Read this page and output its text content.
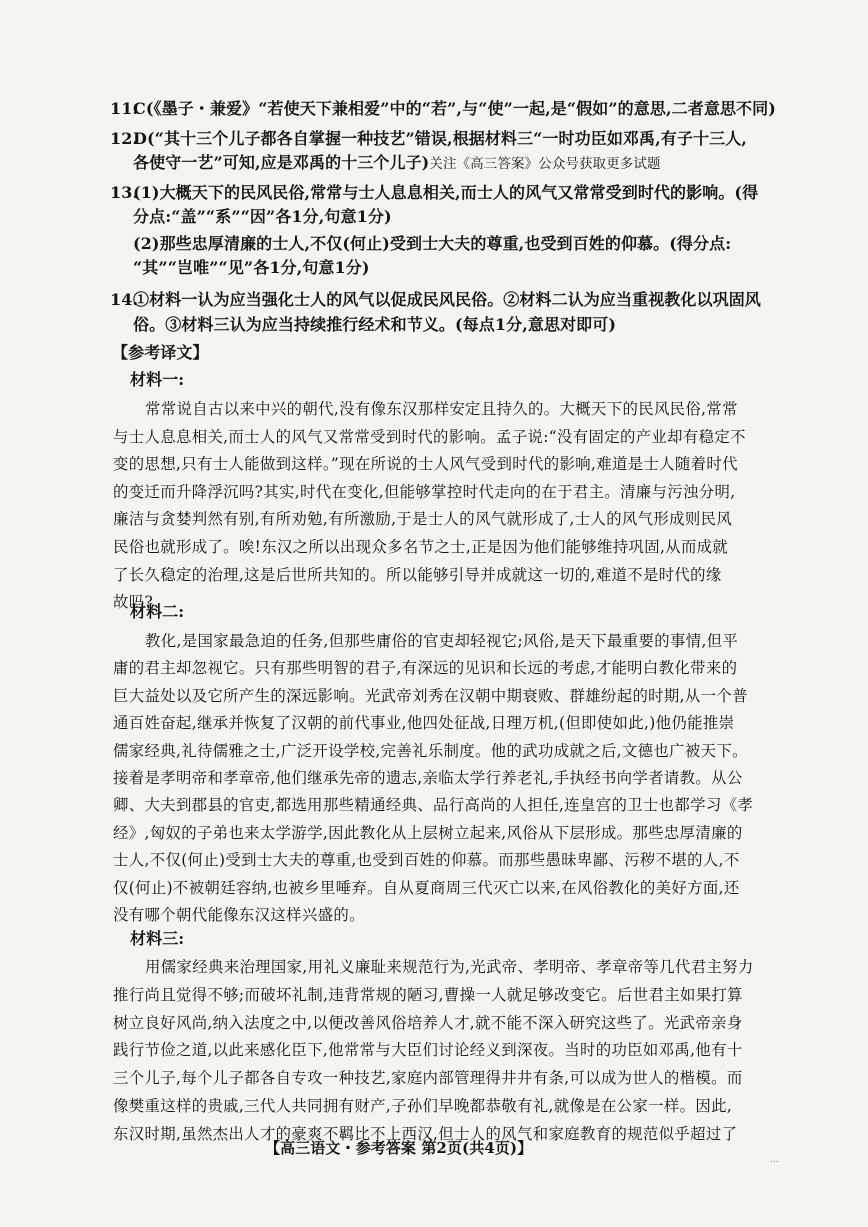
11.
C(《墨子・兼爱》“若使天下兼相爱”中的“若”,与“使”一起,是“假如”的意思,二者意思不同)
12.
D(“其十三个儿子都各自掌握一种技艺”错误,根据材料三“一时功臣如邓禹,有子十三人,
各使守一艺”可知,应是邓禹的十三个儿子)关注《高三答案》公众号获取更多试题
13.
(1)大概天下的民风民俗,常常与士人息息相关,而士人的风气又常常受到时代的影响。(得
分点:“盖”“系”“因”各1分,句意1分)
(2)那些忠厚清廉的士人,不仅(何止)受到士大夫的尊重,也受到百姓的仰慕。(得分点:
“其”“岂唯”“见”各1分,句意1分)
14.
①材料一认为应当强化士人的风气以促成民风民俗。②材料二认为应当重视教化以巩固风
俗。③材料三认为应当持续推行经术和节义。(每点1分,意思对即可)
【参考译文】
材料一:
常常说自古以来中兴的朝代,没有像东汉那样安定且持久的。大概天下的民风民俗,常常
与士人息息相关,而士人的风气又常常受到时代的影响。孟子说:“没有固定的产业却有稳定不
变的思想,只有士人能做到这样。”现在所说的士人风气受到时代的影响,难道是士人随着时代
的变迁而升降浮沉吗?其实,时代在变化,但能够掌控时代走向的在于君主。清廉与污浊分明,
廉洁与贪婪判然有别,有所劝勉,有所激励,于是士人的风气就形成了,士人的风气形成则民风
民俗也就形成了。唉!东汉之所以出现众多名节之士,正是因为他们能够维持巩固,从而成就
了长久稳定的治理,这是后世所共知的。所以能够引导并成就这一切的,难道不是时代的缘
故吗?
材料二:
教化,是国家最急迫的任务,但那些庸俗的官吏却轻视它;风俗,是天下最重要的事情,但平
庸的君主却忽视它。只有那些明智的君子,有深远的见识和长远的考虑,才能明白教化带来的
巨大益处以及它所产生的深远影响。光武帝刘秀在汉朝中期衰败、群雄纷起的时期,从一个普
通百姓奋起,继承并恢复了汉朝的前代事业,他四处征战,日理万机,(但即使如此,)他仍能推崇
儒家经典,礼待儒雅之士,广泛开设学校,完善礼乐制度。他的武功成就之后,文德也广被天下。
接着是孝明帝和孝章帝,他们继承先帝的遗志,亲临太学行养老礼,手执经书向学者请教。从公
卿、大夫到郡县的官吏,都选用那些精通经典、品行高尚的人担任,连皇宫的卫士也都学习《孝
经》,匈奴的子弟也来太学游学,因此教化从上层树立起来,风俗从下层形成。那些忠厚清廉的
士人,不仅(何止)受到士大夫的尊重,也受到百姓的仰慕。而那些愚昧卑鄙、污秽不堪的人,不
仅(何止)不被朝廷容纳,也被乡里唾弃。自从夏商周三代灭亡以来,在风俗教化的美好方面,还
没有哪个朝代能像东汉这样兴盛的。
材料三:
用儒家经典来治理国家,用礼义廉耻来规范行为,光武帝、孝明帝、孝章帝等几代君主努力
推行尚且觉得不够;而破坏礼制,违背常规的陋习,曹操一人就足够改变它。后世君主如果打算
树立良好风尚,纳入法度之中,以便改善风俗培养人才,就不能不深入研究这些了。光武帝亲身
践行节俭之道,以此来感化臣下,他常常与大臣们讨论经义到深夜。当时的功臣如邓禹,他有十
三个儿子,每个儿子都各自专攻一种技艺,家庭内部管理得井井有条,可以成为世人的楷模。而
像樊重这样的贵戚,三代人共同拥有财产,子孙们早晚都恭敬有礼,就像是在公家一样。因此,
东汉时期,虽然杰出人才的豪爽不羁比不上西汉,但士人的风气和家庭教育的规范似乎超过了
【高三语文・参考答案 第2页(共4页)】
...
